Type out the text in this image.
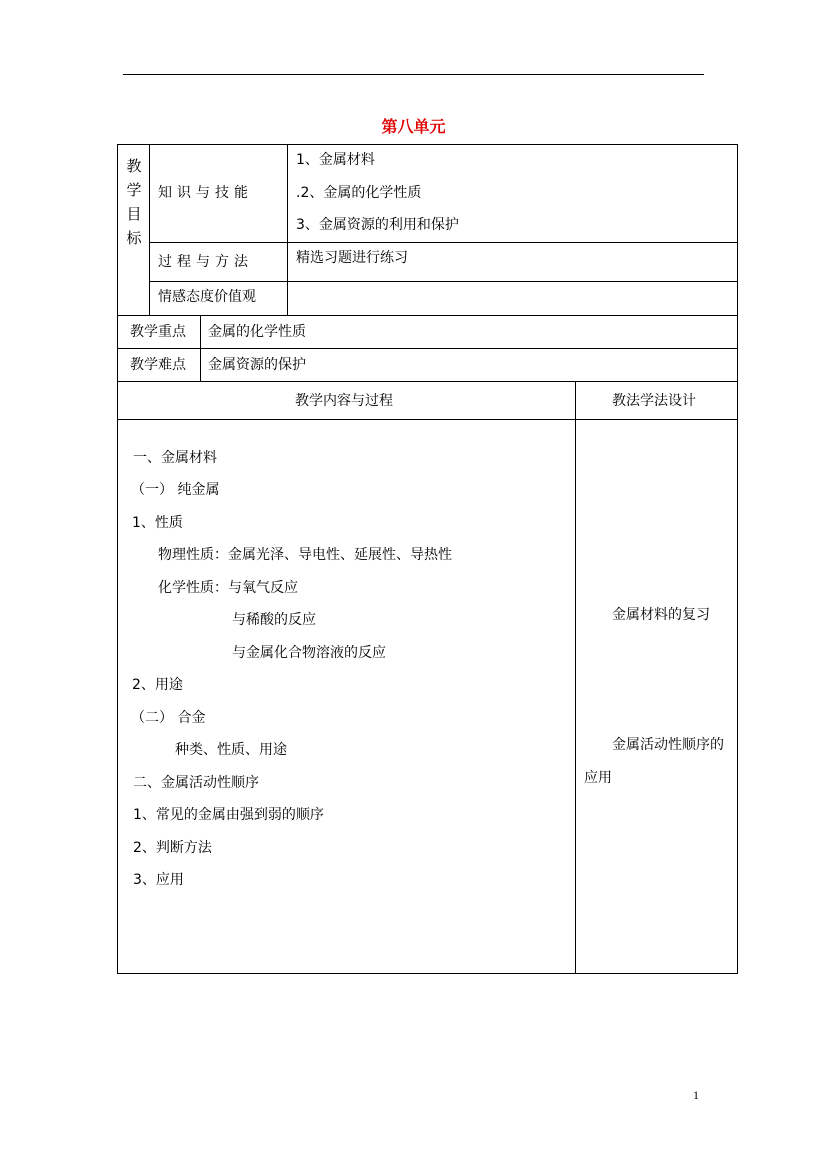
第八单元
教
学
目
标
知识与技能
1、金属材料
.2、金属的化学性质
3、金属资源的利用和保护
过程与方法	精选习题进行练习
情感态度价值观
教学重点 金属的化学性质
教学难点 金属资源的保护
教学内容与过程	教法学法设计
一、金属材料
（一） 纯金属
1、性质
物理性质：金属光泽、导电性、延展性、导热性
化学性质：与氧气反应
与稀酸的反应
与金属化合物溶液的反应
2、用途
（二） 合金
种类、性质、用途
二、金属活动性顺序
1、常见的金属由强到弱的顺序
2、判断方法
3、应用
金属材料的复习
金属活动性顺序的
应用
1
